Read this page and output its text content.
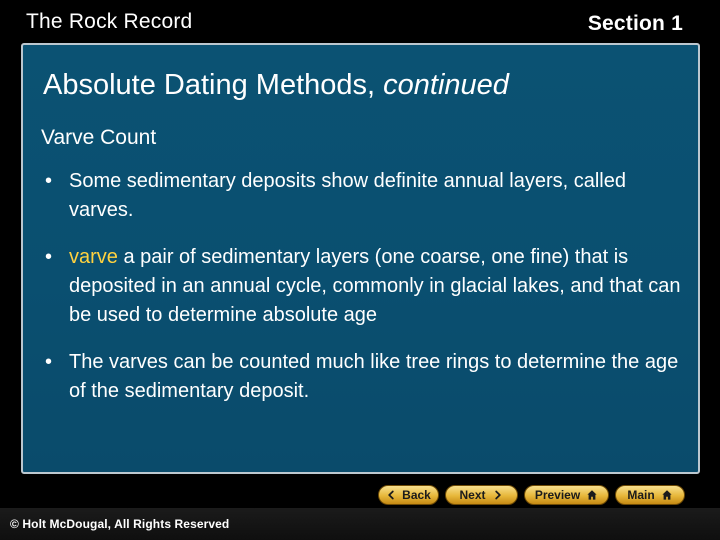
The Rock Record	Section 1
Absolute Dating Methods, continued
Varve Count
• Some sedimentary deposits show definite annual layers, called varves.
• varve a pair of sedimentary layers (one coarse, one fine) that is deposited in an annual cycle, commonly in glacial lakes, and that can be used to determine absolute age
• The varves can be counted much like tree rings to determine the age of the sedimentary deposit.
Back Next	Preview	Main
© Holt McDougal, All Rights Reserved
